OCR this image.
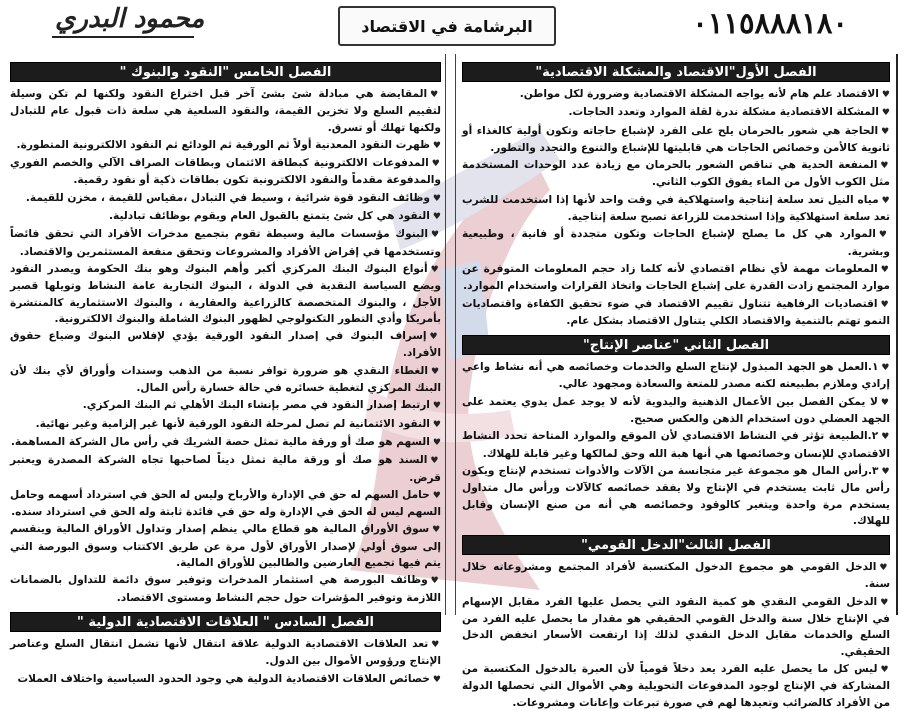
٠١١٥٨٨٨١٨٠
البرشامة في الاقتصاد
محمود البدري
الفصل الأول"الاقتصاد والمشكلة الاقتصادية"
♥ الاقتصاد علم هام لأنه يواجه المشكلة الاقتصادية وضرورة لكل مواطن.
♥ المشكلة الاقتصادية مشكلة ندرة لقلة الموارد وتعدد الحاجات.
♥ الحاجة هي شعور بالحرمان يلح على الفرد لإشباع حاجاته وتكون أولية كالغذاء أو ثانوية كالأمن وخصائص الحاجات هي قابليتها للإشباع والتنوع والتجدد والتطور.
♥ المنفعة الحدية هي تناقص الشعور بالحرمان مع زيادة عدد الوحدات المستخدمة مثل الكوب الأول من الماء يفوق الكوب الثاني.
♥ مياه النيل تعد سلعة إنتاجية واستهلاكية في وقت واحد لأنها إذا استخدمت للشرب تعد سلعة استهلاكية وإذا استخدمت للزراعة تصبح سلعة إنتاجية.
♥ الموارد هي كل ما يصلح لإشباع الحاجات وتكون متجددة أو فانية ، وطبيعية وبشرية.
♥ المعلومات مهمة لأي نظام اقتصادي لأنه كلما زاد حجم المعلومات المتوفرة عن موارد المجتمع زادت القدرة على إشباع الحاجات واتخاذ القرارات واستخدام الموارد.
♥ اقتصاديات الرفاهية تتناول تقييم الاقتصاد في ضوء تحقيق الكفاءة واقتصاديات النمو تهتم بالتنمية والاقتصاد الكلي يتناول الاقتصاد بشكل عام.
الفصل الثاني "عناصر الإنتاج"
♥ ١.العمل هو الجهد المبذول لإنتاج السلع والخدمات وخصائصه هي أنه نشاط واعي إرادي وملازم بطبيعته لكنه مصدر للمتعة والسعادة ومجهود عالي.
♥ لا يمكن الفصل بين الأعمال الذهنية واليدوية لأنه لا يوجد عمل يدوي يعتمد على الجهد العضلي دون استخدام الذهن والعكس صحيح.
♥ ٢.الطبيعة تؤثر في النشاط الاقتصادي لأن الموقع والموارد المتاحة تحدد النشاط الاقتصادي للإنسان وخصائصها هي أنها هبة الله وحق لمالكها وغير قابلة للهلاك.
♥ ٣.رأس المال هو مجموعة غير متجانسة من الآلات والأدوات تستخدم لإنتاج ويكون رأس مال ثابت يستخدم في الإنتاج ولا يفقد خصائصه كالآلات ورأس مال متداول يستخدم مرة واحدة ويتغير كالوقود وخصائصه هي أنه من صنع الإنسان وقابل للهلاك.
الفصل الثالث"الدخل القومي"
♥ الدخل القومي هو مجموع الدخول المكتسبة لأفراد المجتمع ومشروعاته خلال سنة.
♥ الدخل القومي النقدي هو كمية النقود التي يحصل عليها الفرد مقابل الإسهام في الإنتاج خلال سنة والدخل القومي الحقيقي هو مقدار ما يحصل عليه الفرد من السلع والخدمات مقابل الدخل النقدي لذلك إذا ارتفعت الأسعار انخفض الدخل الحقيقي.
♥ ليس كل ما يحصل عليه الفرد يعد دخلاً قومياً لأن العبرة بالدخول المكتسبة من المشاركة في الإنتاج لوجود المدفوعات التحويلية وهي الأموال التي تحصلها الدولة من الأفراد كالضرائب وتعيدها لهم في صورة تبرعات وإعانات ومشروعات.
الفصل الخامس "النقود والبنوك "
♥ المقايضة هي مبادلة شئ بشئ آخر قبل اختراع النقود ولكنها لم تكن وسيلة لتقييم السلع ولا تخزين القيمة، والنقود السلعية هي سلعة ذات قبول عام للتبادل ولكنها تهلك أو تسرق.
♥ ظهرت النقود المعدنية أولاً ثم الورقية ثم الودائع ثم النقود الالكترونية المتطورة.
♥ المدفوعات الالكترونية كبطاقة الائتمان وبطاقات الصراف الآلي والخصم الفوري والمدفوعة مقدماً والنقود الالكترونية تكون بطاقات ذكية أو نقود رقمية.
♥ وظائف النقود قوة شرائية ، وسيط في التبادل ،مقياس للقيمة ، مخزن للقيمة.
♥ النقود هي كل شئ يتمتع بالقبول العام ويقوم بوظائف تبادلية.
♥ البنوك مؤسسات مالية وسيطة تقوم بتجميع مدخرات الأفراد التي تحقق فائضاً وتستخدمها في إقراض الأفراد والمشروعات وتحقق منفعة المستثمرين والاقتصاد.
♥ أنواع البنوك البنك المركزي أكبر وأهم البنوك وهو بنك الحكومة ويصدر النقود ويضع السياسة النقدية في الدولة ، البنوك التجارية عامة النشاط وتويلها قصير الأجل ، والبنوك المتخصصة كالزراعية والعقارية ، والبنوك الاستثمارية كالمنتشرة بأمريكا وأدي التطور التكنولوجي لظهور البنوك الشاملة والبنوك الالكترونية.
♥ إسراف البنوك في إصدار النقود الورقية يؤدي لإفلاس البنوك وضياع حقوق الأفراد.
♥ الغطاء النقدي هو ضرورة توافر نسبة من الذهب وسندات وأوراق لأي بنك لأن البنك المركزي لتغطية خسائره في حالة خسارة رأس المال.
♥ ارتبط إصدار النقود في مصر بإنشاء البنك الأهلي ثم البنك المركزي.
♥ النقود الائتمانية لم تصل لمرحلة النقود الورقية لأنها غير إلزامية وغير نهائية.
♥ السهم هو صك أو ورقة مالية تمثل حصة الشريك في رأس مال الشركة المساهمة.
♥ السند هو صك أو ورقة مالية تمثل ديناً لصاحبها تجاه الشركة المصدرة ويعتبر قرض.
♥ حامل السهم له حق في الإدارة والأرباح وليس له الحق في استرداد أسهمه وحامل السهم ليس له الحق في الإدارة وله حق في فائدة ثابتة وله الحق في استرداد سنده.
♥ سوق الأوراق المالية هو قطاع مالي ينظم إصدار وتداول الأوراق المالية وينقسم إلى سوق أولي لإصدار الأوراق لأول مرة عن طريق الاكتتاب وسوق البورصة التي يتم فيها تجميع العارضين والطالبين للأوراق المالية.
♥ وظائف البورصة هي استثمار المدخرات وتوفير سوق دائمة للتداول بالضمانات اللازمة وتوفير المؤشرات حول حجم النشاط ومستوى الاقتصاد.
الفصل السادس " العلاقات الاقتصادية الدولية "
♥ تعد العلاقات الاقتصادية الدولية علاقة انتقال لأنها تشمل انتقال السلع وعناصر الإنتاج ورؤوس الأموال بين الدول.
♥ خصائص العلاقات الاقتصادية الدولية هي وجود الحدود السياسية واختلاف العملات
